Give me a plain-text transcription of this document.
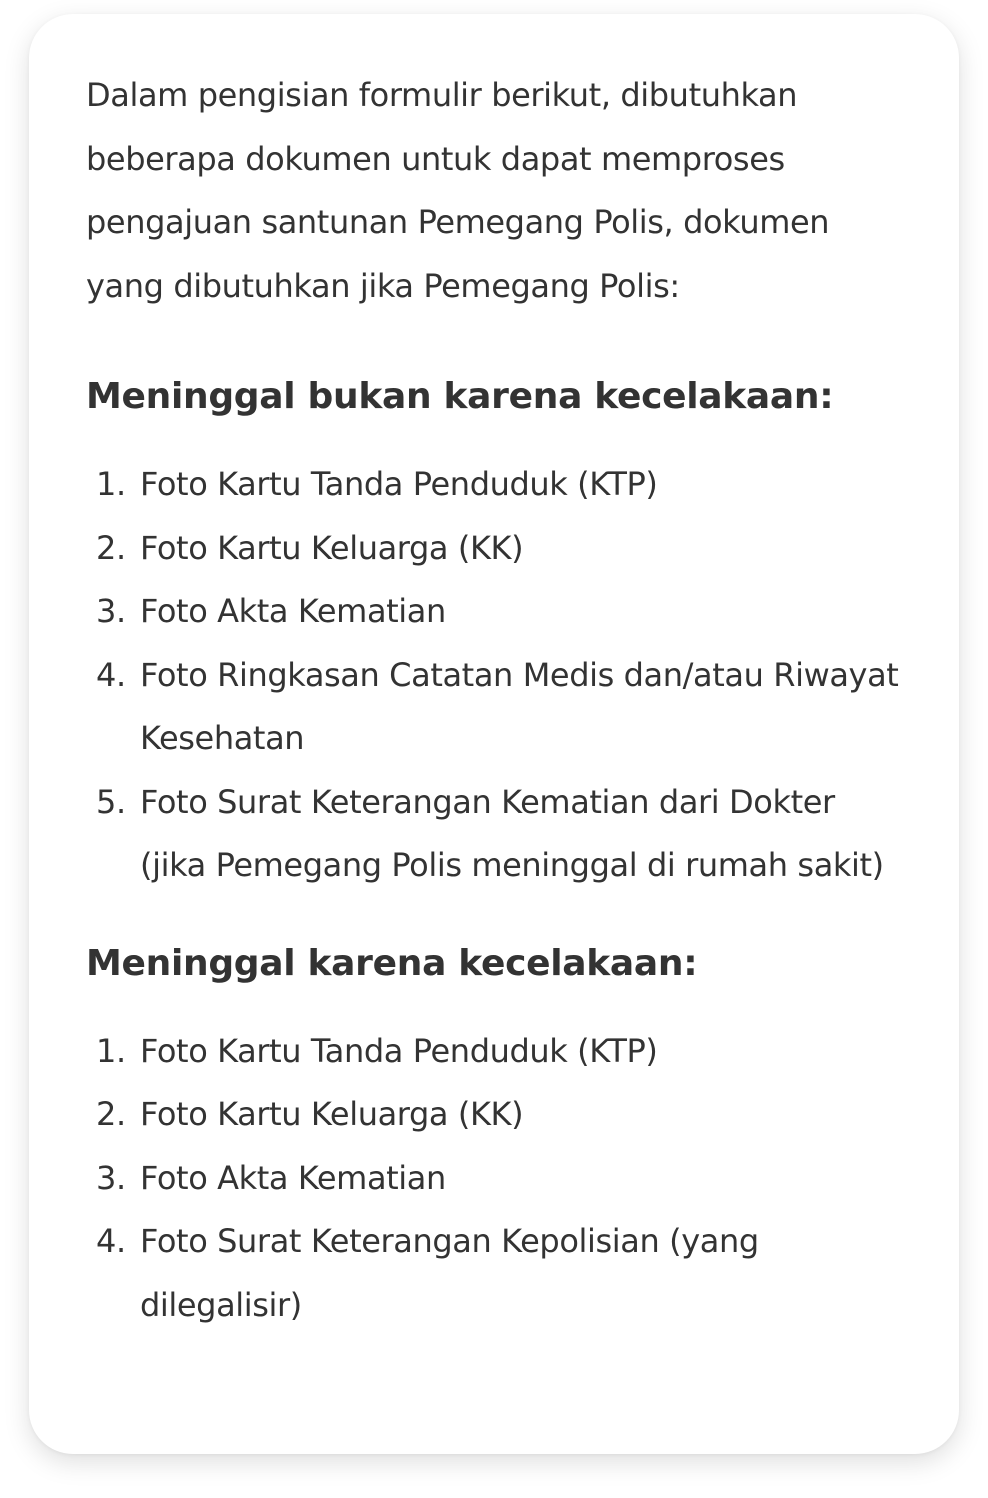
Dalam pengisian formulir berikut, dibutuhkan beberapa dokumen untuk dapat memproses pengajuan santunan Pemegang Polis, dokumen yang dibutuhkan jika Pemegang Polis:

Meninggal bukan karena kecelakaan:
1. Foto Kartu Tanda Penduduk (KTP)
2. Foto Kartu Keluarga (KK)
3. Foto Akta Kematian
4. Foto Ringkasan Catatan Medis dan/atau Riwayat Kesehatan
5. Foto Surat Keterangan Kematian dari Dokter (jika Pemegang Polis meninggal di rumah sakit)
Meninggal karena kecelakaan:
1. Foto Kartu Tanda Penduduk (KTP)
2. Foto Kartu Keluarga (KK)
3. Foto Akta Kematian
4. Foto Surat Keterangan Kepolisian (yang dilegalisir)
